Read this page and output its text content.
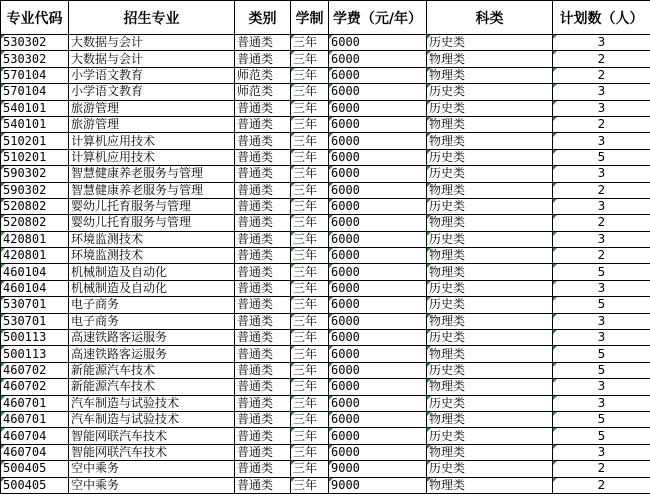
专业代码	招生专业	类别	学制	学费（元/年）	科类	计划数（人）
530302	大数据与会计	普通类	三年	6000	历史类	3
530302	大数据与会计	普通类	三年	6000	物理类	2
570104	小学语文教育	师范类	三年	6000	物理类	2
570104	小学语文教育	师范类	三年	6000	历史类	3
540101	旅游管理	普通类	三年	6000	历史类	3
540101	旅游管理	普通类	三年	6000	物理类	2
510201	计算机应用技术	普通类	三年	6000	物理类	3
510201	计算机应用技术	普通类	三年	6000	历史类	5
590302	智慧健康养老服务与管理	普通类	三年	6000	历史类	3
590302	智慧健康养老服务与管理	普通类	三年	6000	物理类	2
520802	婴幼儿托育服务与管理	普通类	三年	6000	历史类	3
520802	婴幼儿托育服务与管理	普通类	三年	6000	物理类	2
420801	环境监测技术	普通类	三年	6000	历史类	3
420801	环境监测技术	普通类	三年	6000	物理类	2
460104	机械制造及自动化	普通类	三年	6000	物理类	5
460104	机械制造及自动化	普通类	三年	6000	历史类	3
530701	电子商务	普通类	三年	6000	历史类	5
530701	电子商务	普通类	三年	6000	物理类	3
500113	高速铁路客运服务	普通类	三年	6000	历史类	3
500113	高速铁路客运服务	普通类	三年	6000	物理类	5
460702	新能源汽车技术	普通类	三年	6000	历史类	5
460702	新能源汽车技术	普通类	三年	6000	物理类	3
460701	汽车制造与试验技术	普通类	三年	6000	历史类	3
460701	汽车制造与试验技术	普通类	三年	6000	物理类	5
460704	智能网联汽车技术	普通类	三年	6000	历史类	5
460704	智能网联汽车技术	普通类	三年	6000	物理类	3
500405	空中乘务	普通类	三年	9000	历史类	2
500405	空中乘务	普通类	三年	9000	物理类	2
